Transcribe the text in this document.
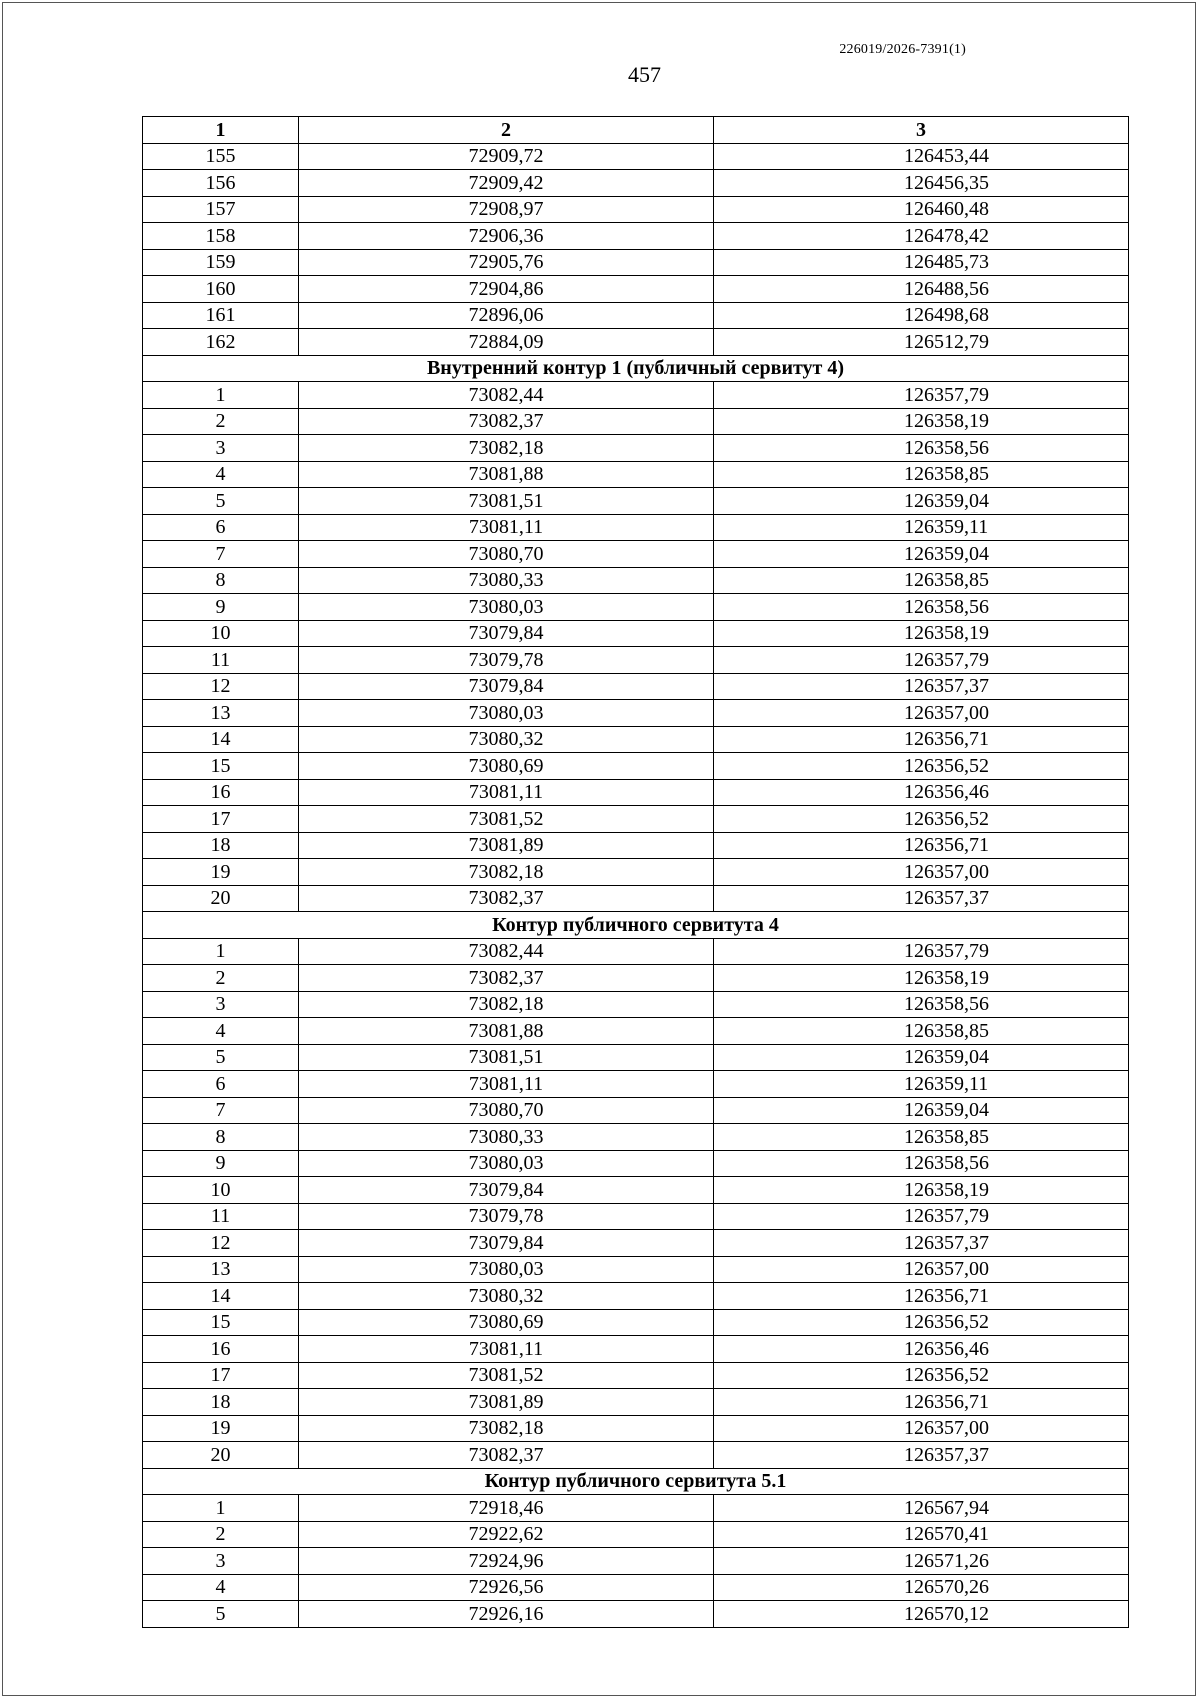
226019/2026-7391(1)
457
1	2	3
155	72909,72	126453,44
156	72909,42	126456,35
157	72908,97	126460,48
158	72906,36	126478,42
159	72905,76	126485,73
160	72904,86	126488,56
161	72896,06	126498,68
162	72884,09	126512,79
Внутренний контур 1 (публичный сервитут 4)		
1	73082,44	126357,79
2	73082,37	126358,19
3	73082,18	126358,56
4	73081,88	126358,85
5	73081,51	126359,04
6	73081,11	126359,11
7	73080,70	126359,04
8	73080,33	126358,85
9	73080,03	126358,56
10	73079,84	126358,19
11	73079,78	126357,79
12	73079,84	126357,37
13	73080,03	126357,00
14	73080,32	126356,71
15	73080,69	126356,52
16	73081,11	126356,46
17	73081,52	126356,52
18	73081,89	126356,71
19	73082,18	126357,00
20	73082,37	126357,37
Контур публичного сервитута 4		
1	73082,44	126357,79
2	73082,37	126358,19
3	73082,18	126358,56
4	73081,88	126358,85
5	73081,51	126359,04
6	73081,11	126359,11
7	73080,70	126359,04
8	73080,33	126358,85
9	73080,03	126358,56
10	73079,84	126358,19
11	73079,78	126357,79
12	73079,84	126357,37
13	73080,03	126357,00
14	73080,32	126356,71
15	73080,69	126356,52
16	73081,11	126356,46
17	73081,52	126356,52
18	73081,89	126356,71
19	73082,18	126357,00
20	73082,37	126357,37
Контур публичного сервитута 5.1		
1	72918,46	126567,94
2	72922,62	126570,41
3	72924,96	126571,26
4	72926,56	126570,26
5	72926,16	126570,12
